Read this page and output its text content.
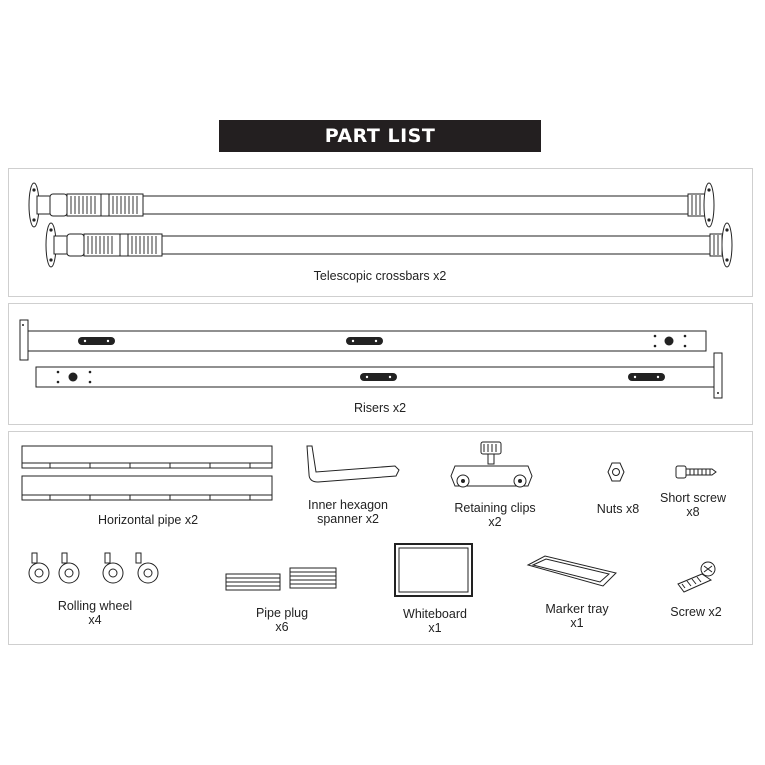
PART LIST
Telescopic crossbars x2
Risers x2
Horizontal pipe x2
Inner hexagon
spanner x2
Retaining clips
x2
Nuts x8
Short screw
x8
Rolling wheel
x4	Pipe plug
x6
Whiteboard
x1
Marker tray
x1
Screw x2
